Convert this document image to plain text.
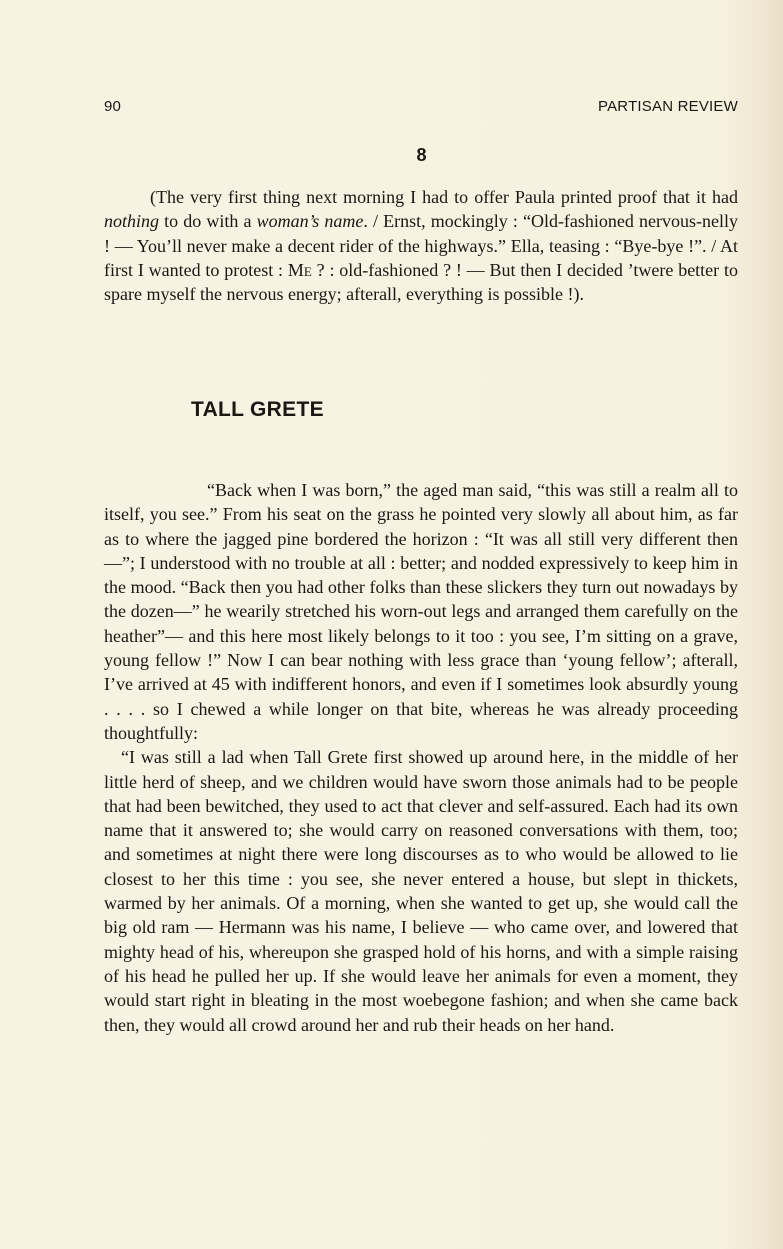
90	PARTISAN REVIEW
8

(The very first thing next morning I had to offer Paula printed proof that it had nothing to do with a woman’s name. / Ernst, mockingly : “Old-fashioned nervous-nelly ! — You’ll never make a decent rider of the highways.” Ella, teasing : “Bye-bye !”. / At first I wanted to protest : Me ? : old-fashioned ? ! — But then I decided ’twere better to spare myself the nervous energy; afterall, everything is possible !).

TALL GRETE

“Back when I was born,” the aged man said, “this was still a realm all to itself, you see.” From his seat on the grass he pointed very slowly all about him, as far as to where the jagged pine bordered the horizon : “It was all still very different then—”; I understood with no trouble at all : better; and nodded expressively to keep him in the mood. “Back then you had other folks than these slickers they turn out nowadays by the dozen—” he wearily stretched his worn-out legs and arranged them carefully on the heather”— and this here most likely belongs to it too : you see, I’m sitting on a grave, young fellow !” Now I can bear nothing with less grace than ‘young fellow’; afterall, I’ve arrived at 45 with indifferent honors, and even if I sometimes look absurdly young . . . . so I chewed a while longer on that bite, whereas he was already proceeding thoughtfully:

“I was still a lad when Tall Grete first showed up around here, in the middle of her little herd of sheep, and we children would have sworn those animals had to be people that had been bewitched, they used to act that clever and self-assured. Each had its own name that it answered to; she would carry on reasoned conversations with them, too; and sometimes at night there were long discourses as to who would be allowed to lie closest to her this time : you see, she never entered a house, but slept in thickets, warmed by her animals. Of a morning, when she wanted to get up, she would call the big old ram — Hermann was his name, I believe — who came over, and lowered that mighty head of his, whereupon she grasped hold of his horns, and with a simple raising of his head he pulled her up. If she would leave her animals for even a moment, they would start right in bleating in the most woebegone fashion; and when she came back then, they would all crowd around her and rub their heads on her hand.
